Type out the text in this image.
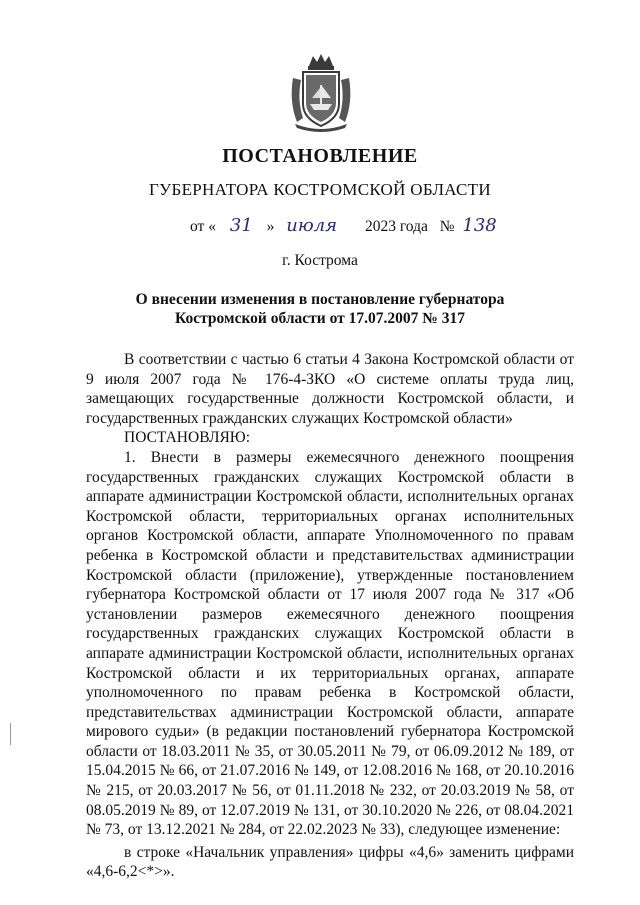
ПОСТАНОВЛЕНИЕ
ГУБЕРНАТОРА КОСТРОМСКОЙ ОБЛАСТИ
от « 31 » июля 2023 года № 138
г. Кострома
О внесении изменения в постановление губернатора
Костромской области от 17.07.2007 № 317

В соответствии с частью 6 статьи 4 Закона Костромской области от 9 июля 2007 года № 176-4-ЗКО «О системе оплаты труда лиц, замещающих государственные должности Костромской области, и государственных гражданских служащих Костромской области»

ПОСТАНОВЛЯЮ:

1. Внести в размеры ежемесячного денежного поощрения государственных гражданских служащих Костромской области в аппарате администрации Костромской области, исполнительных органах Костромской области, территориальных органах исполнительных органов Костромской области, аппарате Уполномоченного по правам ребенка в Костромской области и представительствах администрации Костромской области (приложение), утвержденные постановлением губернатора Костромской области от 17 июля 2007 года № 317 «Об установлении размеров ежемесячного денежного поощрения государственных гражданских служащих Костромской области в аппарате администрации Костромской области, исполнительных органах Костромской области и их территориальных органах, аппарате уполномоченного по правам ребенка в Костромской области, представительствах администрации Костромской области, аппарате мирового судьи» (в редакции постановлений губернатора Костромской области от 18.03.2011 № 35, от 30.05.2011 № 79, от 06.09.2012 № 189, от 15.04.2015 № 66, от 21.07.2016 № 149, от 12.08.2016 № 168, от 20.10.2016 № 215, от 20.03.2017 № 56, от 01.11.2018 № 232, от 20.03.2019 № 58, от 08.05.2019 № 89, от 12.07.2019 № 131, от 30.10.2020 № 226, от 08.04.2021 № 73, от 13.12.2021 № 284, от 22.02.2023 № 33), следующее изменение:

в строке «Начальник управления» цифры «4,6» заменить цифрами «4,6-6,2<*>».
